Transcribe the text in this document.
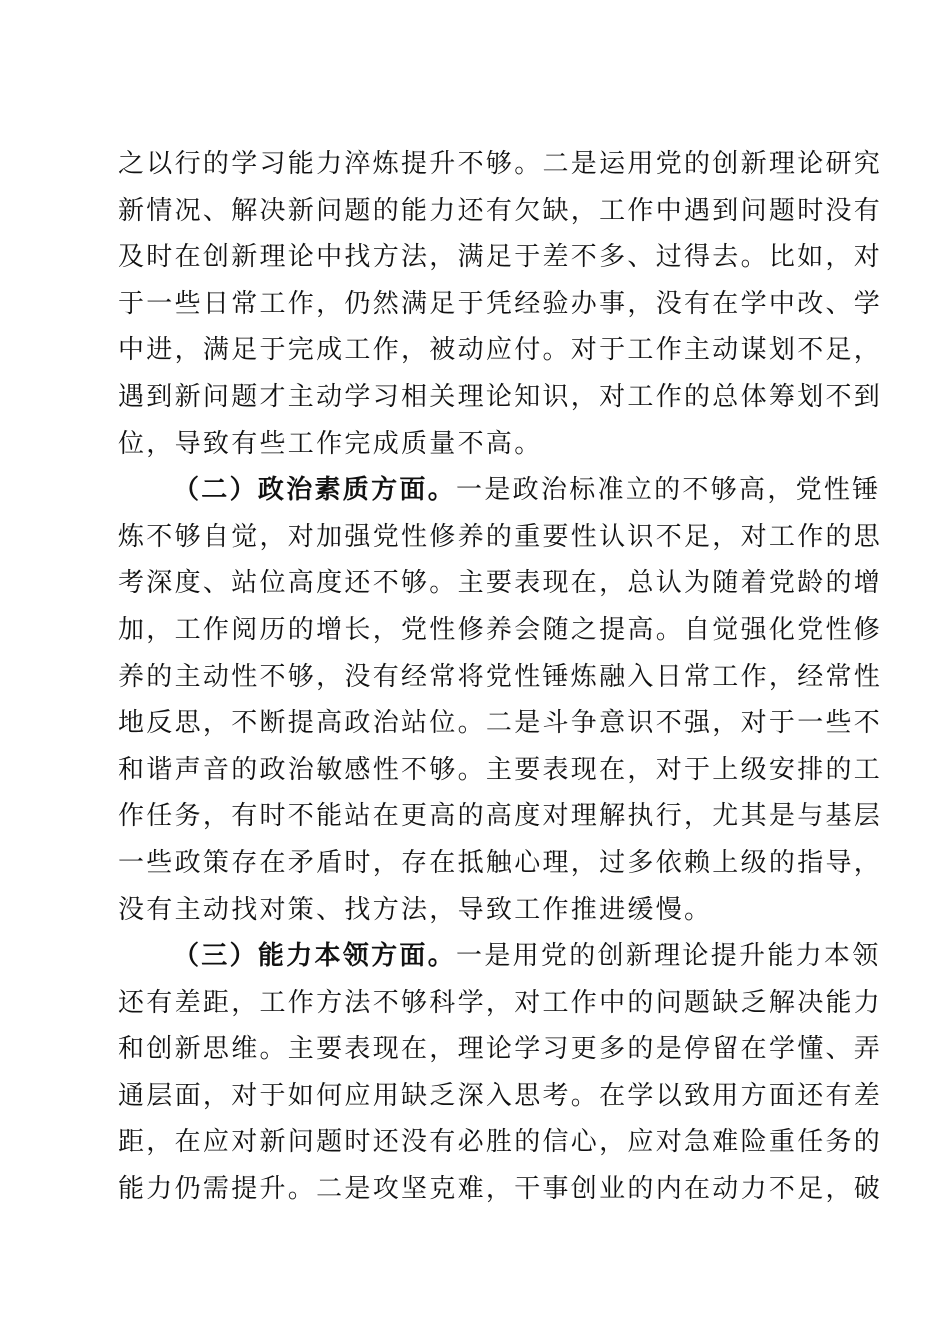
之以行的学习能力淬炼提升不够。二是运用党的创新理论研究
新情况、解决新问题的能力还有欠缺，工作中遇到问题时没有
及时在创新理论中找方法，满足于差不多、过得去。比如，对
于一些日常工作，仍然满足于凭经验办事，没有在学中改、学
中进，满足于完成工作，被动应付。对于工作主动谋划不足，
遇到新问题才主动学习相关理论知识，对工作的总体筹划不到
位，导致有些工作完成质量不高。
（二）政治素质方面。一是政治标准立的不够高，党性锤
炼不够自觉，对加强党性修养的重要性认识不足，对工作的思
考深度、站位高度还不够。主要表现在，总认为随着党龄的增
加，工作阅历的增长，党性修养会随之提高。自觉强化党性修
养的主动性不够，没有经常将党性锤炼融入日常工作，经常性
地反思，不断提高政治站位。二是斗争意识不强，对于一些不
和谐声音的政治敏感性不够。主要表现在，对于上级安排的工
作任务，有时不能站在更高的高度对理解执行，尤其是与基层
一些政策存在矛盾时，存在抵触心理，过多依赖上级的指导，
没有主动找对策、找方法，导致工作推进缓慢。
（三）能力本领方面。一是用党的创新理论提升能力本领
还有差距，工作方法不够科学，对工作中的问题缺乏解决能力
和创新思维。主要表现在，理论学习更多的是停留在学懂、弄
通层面，对于如何应用缺乏深入思考。在学以致用方面还有差
距，在应对新问题时还没有必胜的信心，应对急难险重任务的
能力仍需提升。二是攻坚克难，干事创业的内在动力不足，破
